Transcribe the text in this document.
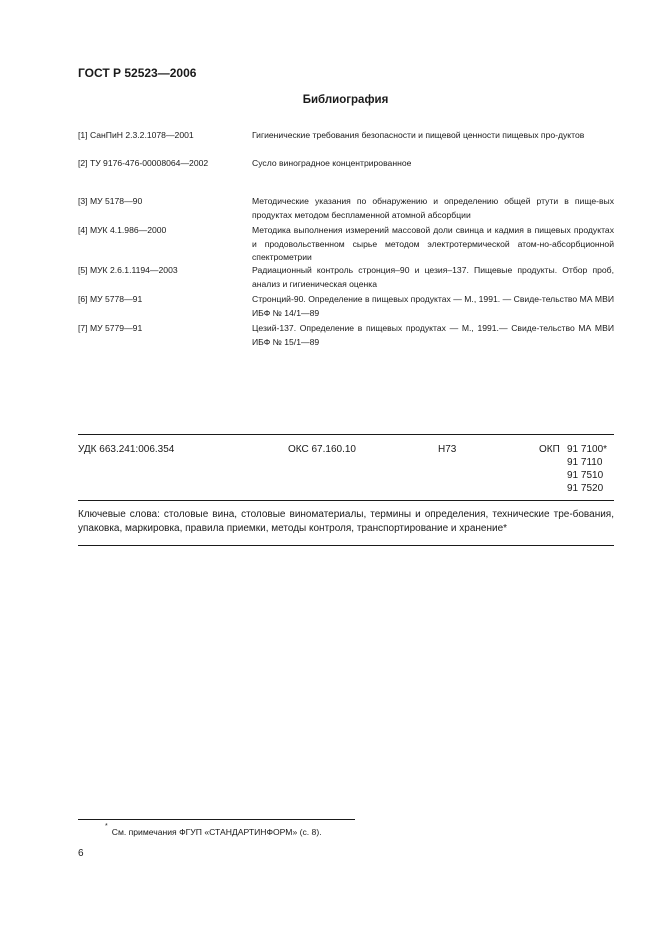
ГОСТ Р 52523—2006
Библиография
[1] СанПиН 2.3.2.1078—2001	Гигиенические требования безопасности и пищевой ценности пищевых про-дуктов
[2] ТУ 9176-476-00008064—2002	Сусло виноградное концентрированное
[3] МУ 5178—90	Методические указания по обнаружению и определению общей ртути в пище-вых продуктах методом беспламенной атомной абсорбции
[4] МУК 4.1.986—2000	Методика выполнения измерений массовой доли свинца и кадмия в пищевых продуктах и продовольственном сырье методом электротермической атом-но-абсорбционной спектрометрии
[5] МУК 2.6.1.1194—2003	Радиационный контроль стронция–90 и цезия–137. Пищевые продукты. Отбор проб, анализ и гигиеническая оценка
[6] МУ 5778—91	Стронций-90. Определение в пищевых продуктах — М., 1991. — Свиде-тельство МА МВИ ИБФ № 14/1—89
[7] МУ 5779—91	Цезий-137. Определение в пищевых продуктах — М., 1991.— Свиде-тельство МА МВИ ИБФ № 15/1—89
УДК 663.241:006.354	ОКС 67.160.10	Н73	ОКП 91 7100*
91 7110
91 7510
91 7520
Ключевые слова: столовые вина, столовые виноматериалы, термины и определения, технические тре-бования, упаковка, маркировка, правила приемки, методы контроля, транспортирование и хранение*
*См. примечания ФГУП «СТАНДАРТИНФОРМ» (с. 8).
6
